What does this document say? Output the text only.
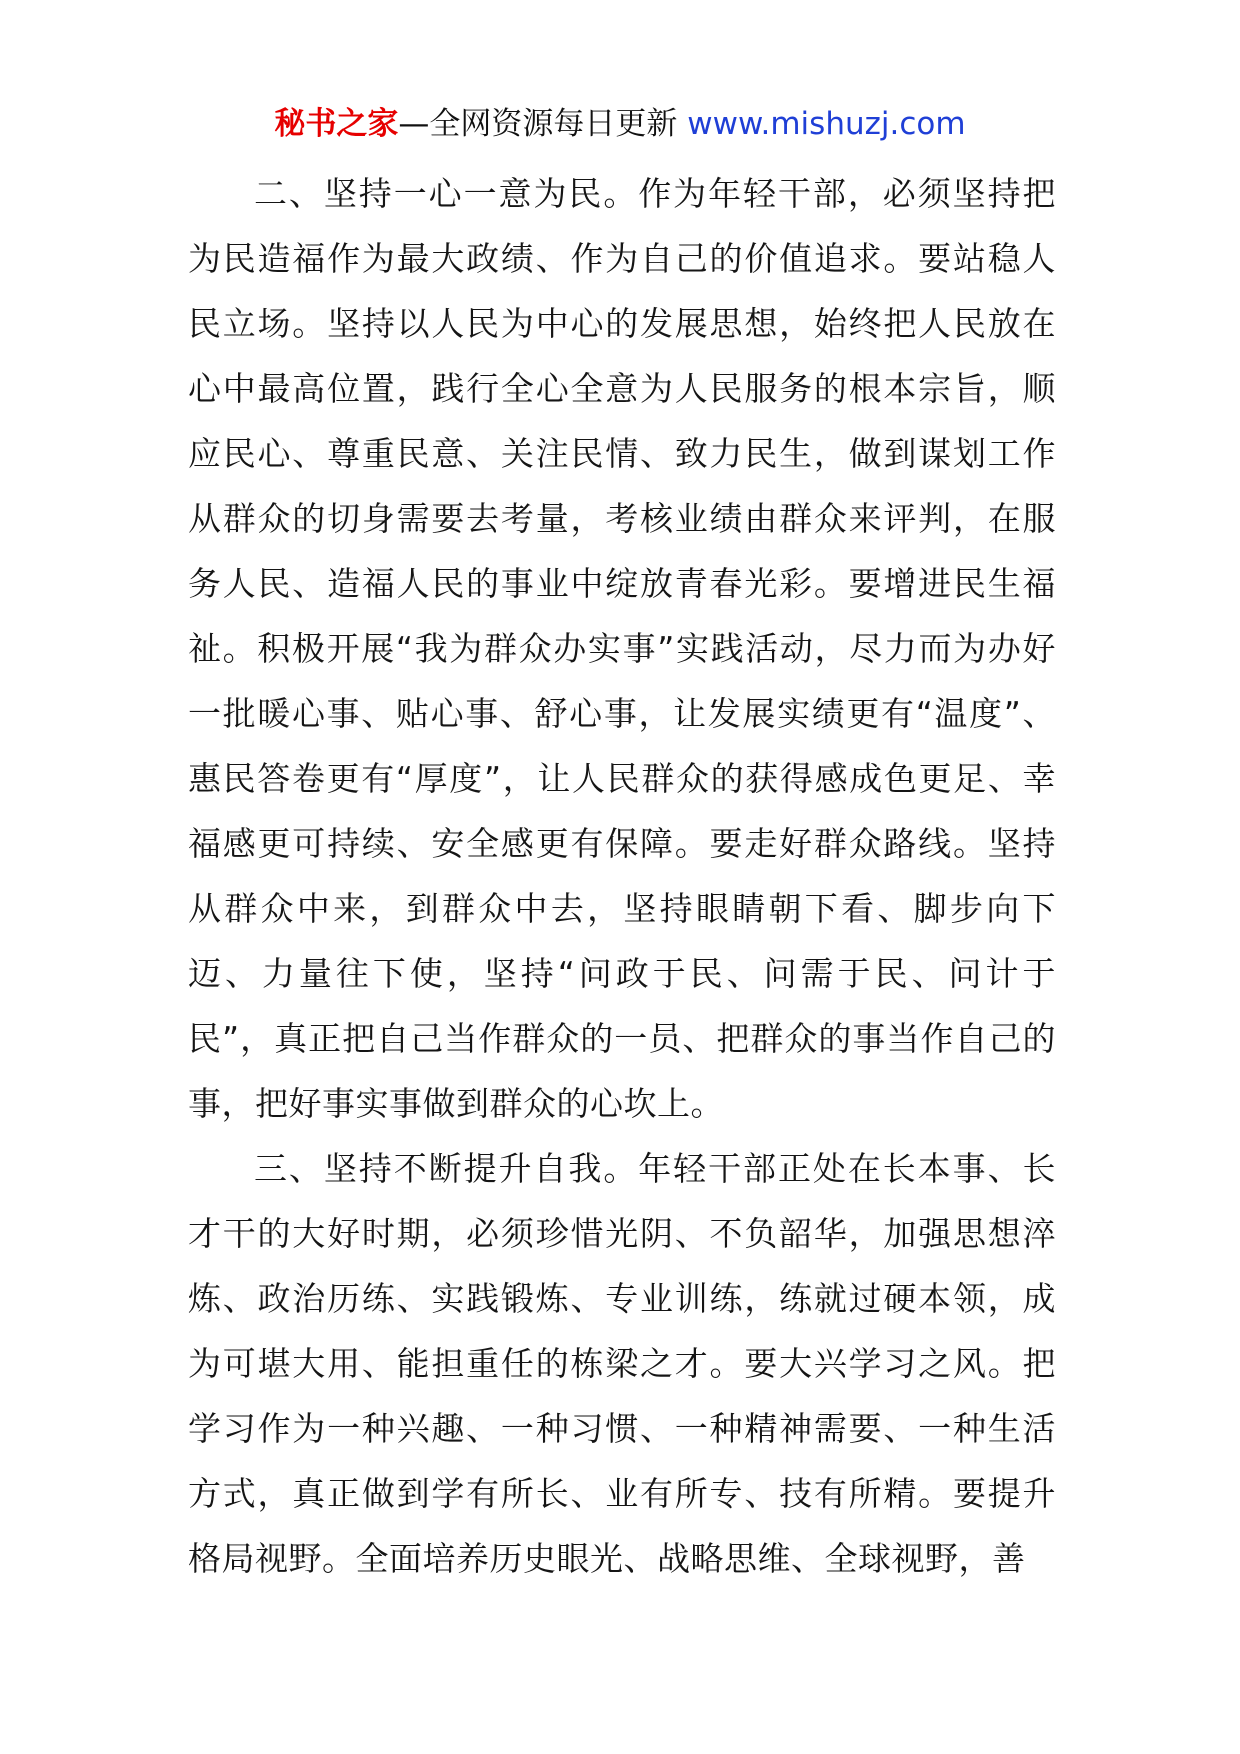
秘书之家—全网资源每日更新 www.mishuzj.com

二、坚持一心一意为民。作为年轻干部，必须坚持把为民造福作为最大政绩、作为自己的价值追求。要站稳人民立场。坚持以人民为中心的发展思想，始终把人民放在心中最高位置，践行全心全意为人民服务的根本宗旨，顺应民心、尊重民意、关注民情、致力民生，做到谋划工作从群众的切身需要去考量，考核业绩由群众来评判，在服务人民、造福人民的事业中绽放青春光彩。要增进民生福祉。积极开展“我为群众办实事”实践活动，尽力而为办好一批暖心事、贴心事、舒心事，让发展实绩更有“温度”、惠民答卷更有“厚度”，让人民群众的获得感成色更足、幸福感更可持续、安全感更有保障。要走好群众路线。坚持从群众中来，到群众中去，坚持眼睛朝下看、脚步向下迈、力量往下使，坚持“问政于民、问需于民、问计于民”，真正把自己当作群众的一员、把群众的事当作自己的事，把好事实事做到群众的心坎上。

三、坚持不断提升自我。年轻干部正处在长本事、长才干的大好时期，必须珍惜光阴、不负韶华，加强思想淬炼、政治历练、实践锻炼、专业训练，练就过硬本领，成为可堪大用、能担重任的栋梁之才。要大兴学习之风。把学习作为一种兴趣、一种习惯、一种精神需要、一种生活方式，真正做到学有所长、业有所专、技有所精。要提升格局视野。全面培养历史眼光、战略思维、全球视野，善
